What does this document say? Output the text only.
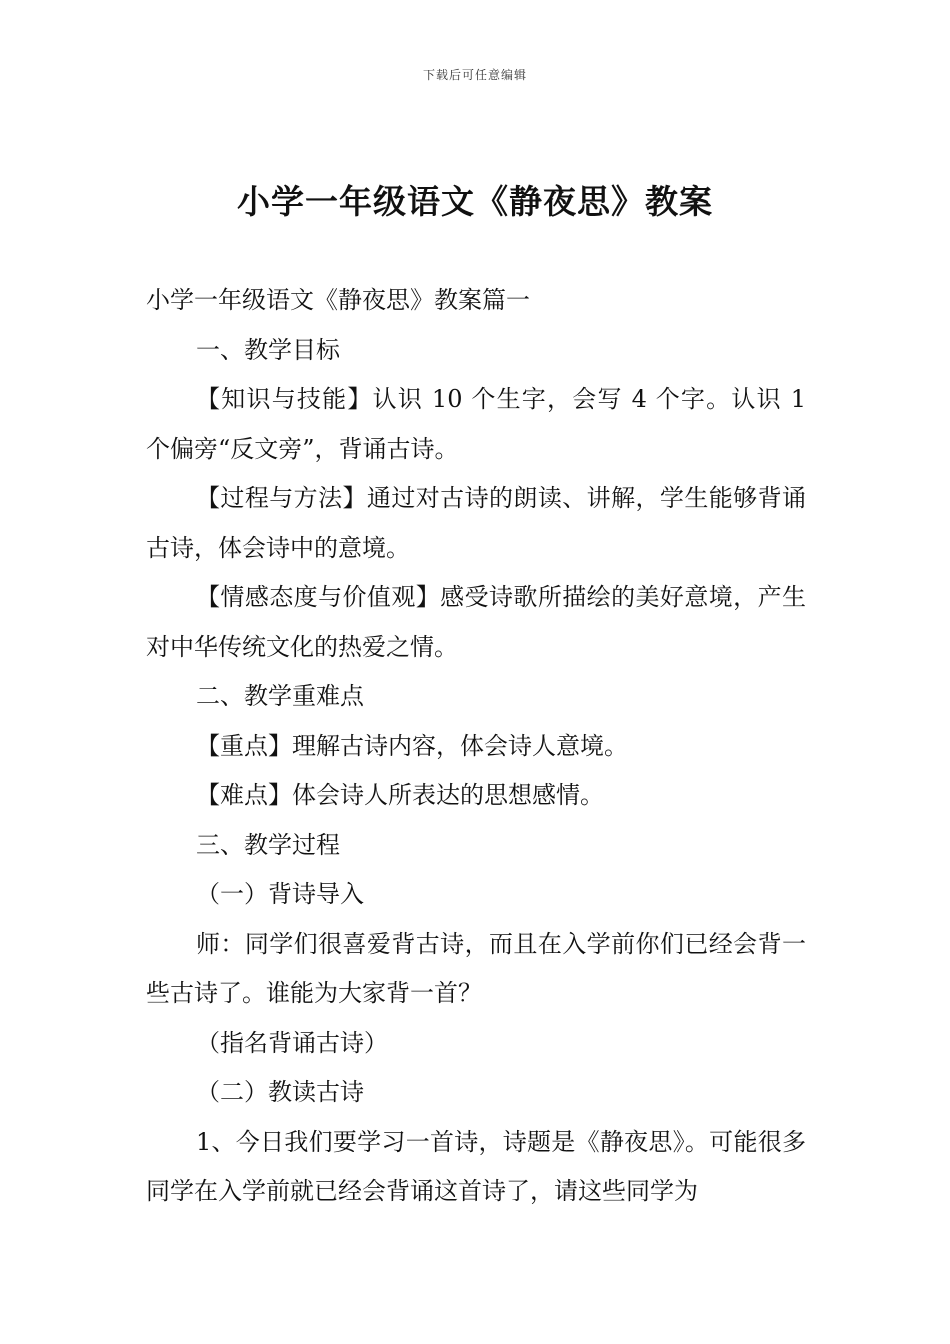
下载后可任意编辑
小学一年级语文《静夜思》教案

小学一年级语文《静夜思》教案篇一

一、教学目标

【知识与技能】认识 10 个生字，会写 4 个字。认识 1 个偏旁“反文旁”，背诵古诗。

【过程与方法】通过对古诗的朗读、讲解，学生能够背诵古诗，体会诗中的意境。

【情感态度与价值观】感受诗歌所描绘的美好意境，产生对中华传统文化的热爱之情。

二、教学重难点

【重点】理解古诗内容，体会诗人意境。

【难点】体会诗人所表达的思想感情。

三、教学过程

（一）背诗导入

师：同学们很喜爱背古诗，而且在入学前你们已经会背一些古诗了。谁能为大家背一首？

（指名背诵古诗）

（二）教读古诗

1、今日我们要学习一首诗，诗题是《静夜思》。可能很多同学在入学前就已经会背诵这首诗了，请这些同学为
